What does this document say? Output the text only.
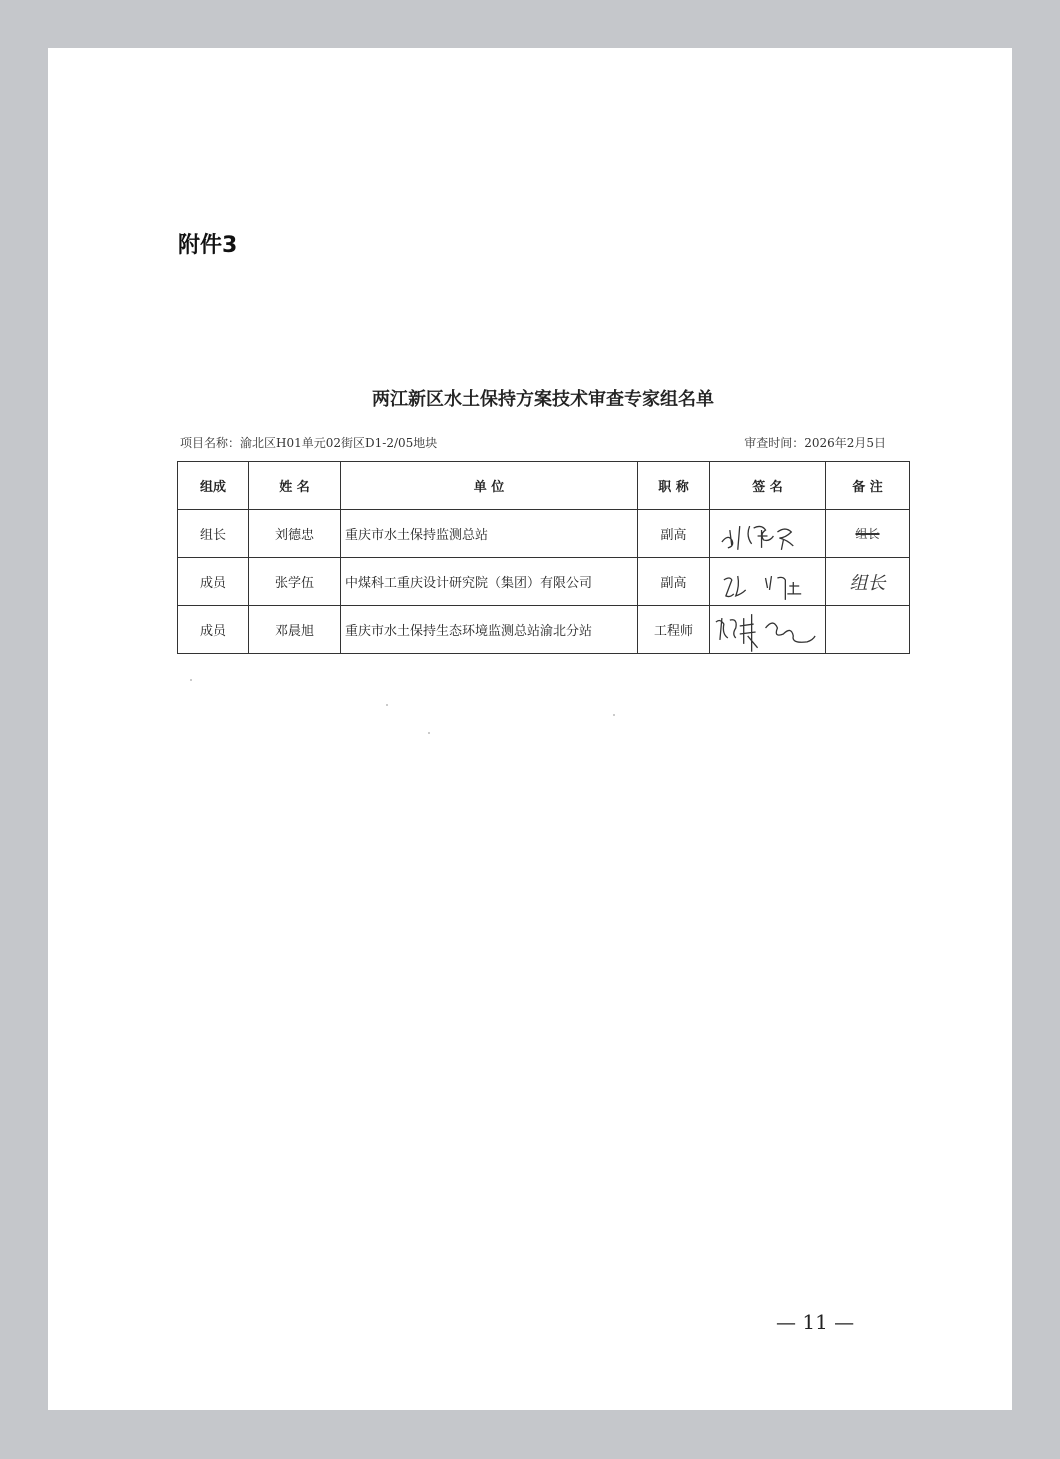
附件3
两江新区水土保持方案技术审查专家组名单
项目名称：渝北区H01单元02街区D1-2/05地块	审查时间：2026年2月5日
组成	姓 名	单 位	职 称	签 名	备 注
组长	刘德忠	重庆市水土保持监测总站	副高		组长
成员	张学伍	中煤科工重庆设计研究院（集团）有限公司	副高		组长
成员	邓晨旭	重庆市水土保持生态环境监测总站渝北分站	工程师	

— 11 —
